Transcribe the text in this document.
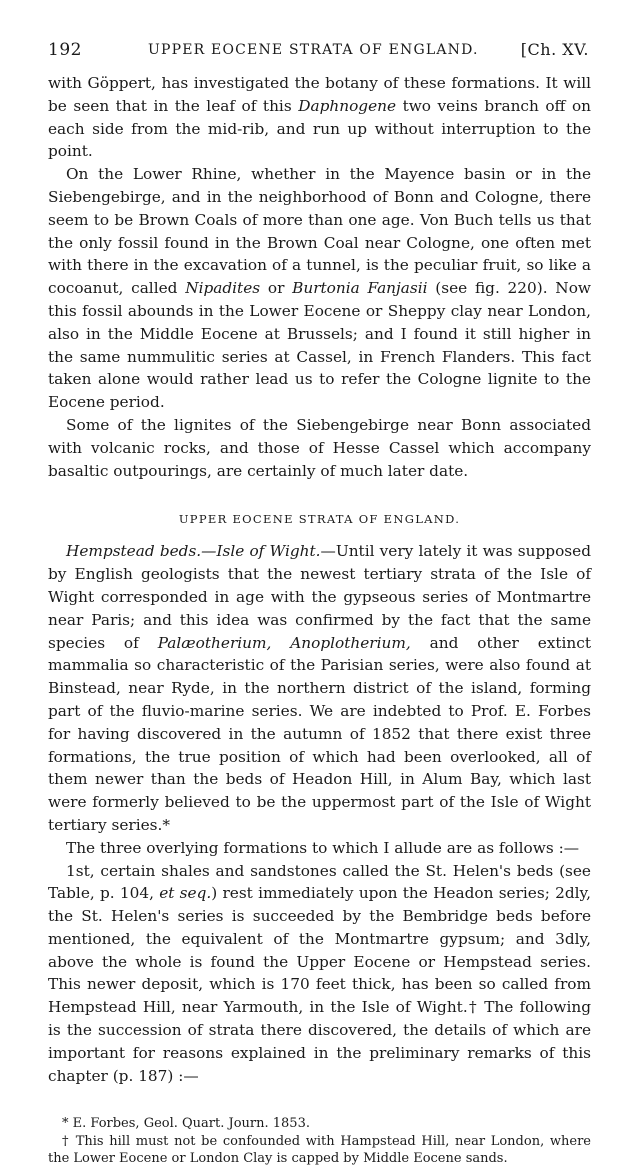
192	UPPER EOCENE STRATA OF ENGLAND.	[Ch. XV.

with Göppert, has investigated the botany of these formations. It will be seen that in the leaf of this Daphnogene two veins branch off on each side from the mid-rib, and run up without interruption to the point.

On the Lower Rhine, whether in the Mayence basin or in the Siebengebirge, and in the neighborhood of Bonn and Cologne, there seem to be Brown Coals of more than one age. Von Buch tells us that the only fossil found in the Brown Coal near Cologne, one often met with there in the excavation of a tunnel, is the peculiar fruit, so like a cocoanut, called Nipadites or Burtonia Fanjasii (see fig. 220). Now this fossil abounds in the Lower Eocene or Sheppy clay near London, also in the Middle Eocene at Brussels; and I found it still higher in the same nummulitic series at Cassel, in French Flanders. This fact taken alone would rather lead us to refer the Cologne lignite to the Eocene period.

Some of the lignites of the Siebengebirge near Bonn associated with volcanic rocks, and those of Hesse Cassel which accompany basaltic outpourings, are certainly of much later date.

UPPER EOCENE STRATA OF ENGLAND.

Hempstead beds.—Isle of Wight.—Until very lately it was supposed by English geologists that the newest tertiary strata of the Isle of Wight corresponded in age with the gypseous series of Montmartre near Paris; and this idea was confirmed by the fact that the same species of Palæotherium, Anoplotherium, and other extinct mammalia so characteristic of the Parisian series, were also found at Binstead, near Ryde, in the northern district of the island, forming part of the fluvio-marine series. We are indebted to Prof. E. Forbes for having discovered in the autumn of 1852 that there exist three formations, the true position of which had been overlooked, all of them newer than the beds of Headon Hill, in Alum Bay, which last were formerly believed to be the uppermost part of the Isle of Wight tertiary series.*

The three overlying formations to which I allude are as follows :—

1st, certain shales and sandstones called the St. Helen's beds (see Table, p. 104, et seq.) rest immediately upon the Headon series; 2dly, the St. Helen's series is succeeded by the Bembridge beds before mentioned, the equivalent of the Montmartre gypsum; and 3dly, above the whole is found the Upper Eocene or Hempstead series. This newer deposit, which is 170 feet thick, has been so called from Hempstead Hill, near Yarmouth, in the Isle of Wight.† The following is the succession of strata there discovered, the details of which are important for reasons explained in the preliminary remarks of this chapter (p. 187) :—

* E. Forbes, Geol. Quart. Journ. 1853.

† This hill must not be confounded with Hampstead Hill, near London, where the Lower Eocene or London Clay is capped by Middle Eocene sands.
